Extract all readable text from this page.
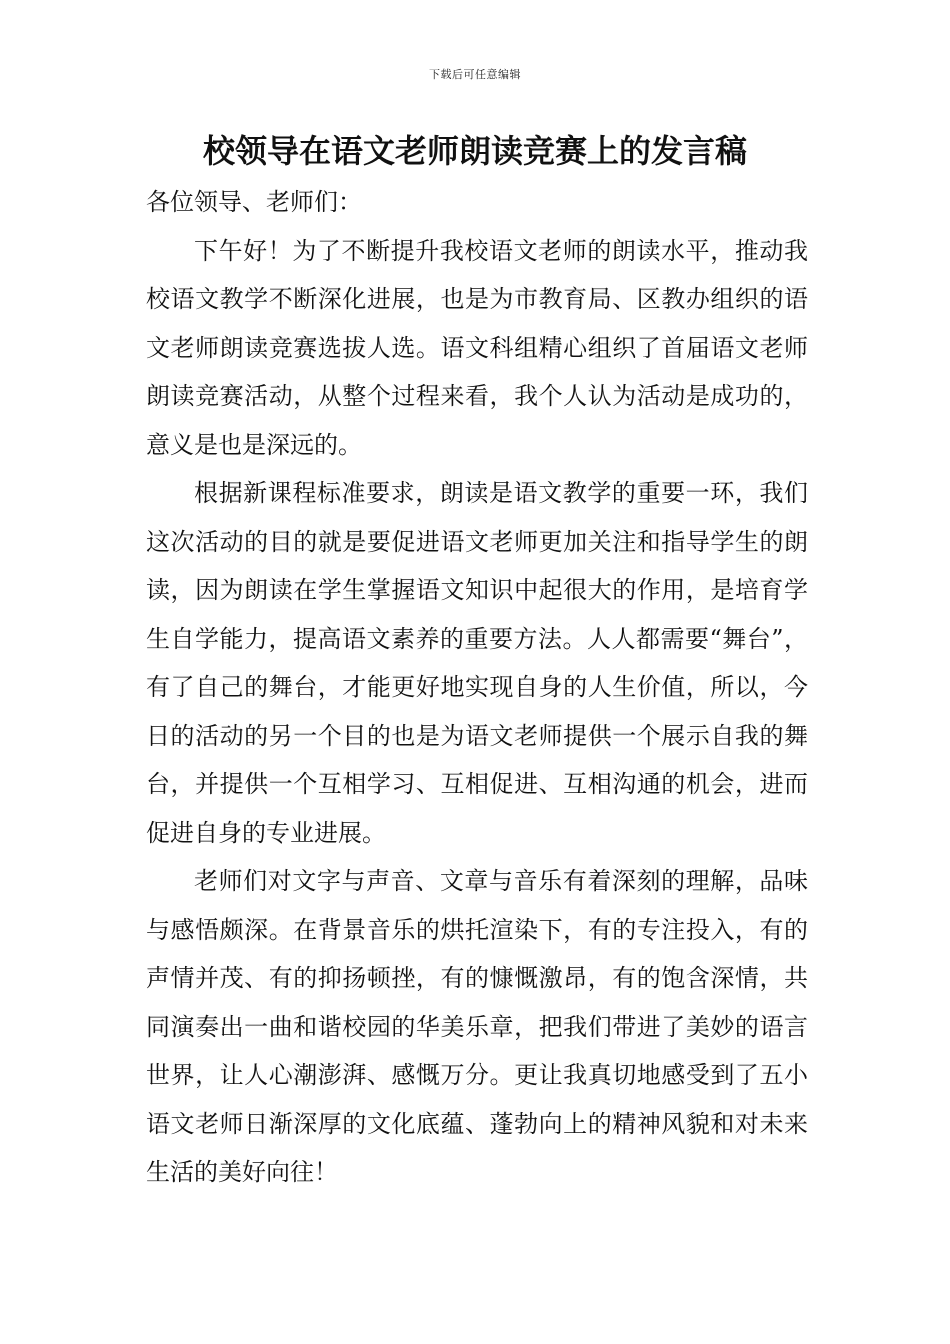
下载后可任意编辑
校领导在语文老师朗读竞赛上的发言稿

各位领导、老师们：

下午好！为了不断提升我校语文老师的朗读水平，推动我校语文教学不断深化进展，也是为市教育局、区教办组织的语文老师朗读竞赛选拔人选。语文科组精心组织了首届语文老师朗读竞赛活动，从整个过程来看，我个人认为活动是成功的，意义是也是深远的。

根据新课程标准要求，朗读是语文教学的重要一环，我们这次活动的目的就是要促进语文老师更加关注和指导学生的朗读，因为朗读在学生掌握语文知识中起很大的作用，是培育学生自学能力，提高语文素养的重要方法。人人都需要“舞台”，有了自己的舞台，才能更好地实现自身的人生价值，所以，今日的活动的另一个目的也是为语文老师提供一个展示自我的舞台，并提供一个互相学习、互相促进、互相沟通的机会，进而促进自身的专业进展。

老师们对文字与声音、文章与音乐有着深刻的理解，品味与感悟颇深。在背景音乐的烘托渲染下，有的专注投入，有的声情并茂、有的抑扬顿挫，有的慷慨激昂，有的饱含深情，共同演奏出一曲和谐校园的华美乐章，把我们带进了美妙的语言世界，让人心潮澎湃、感慨万分。更让我真切地感受到了五小语文老师日渐深厚的文化底蕴、蓬勃向上的精神风貌和对未来生活的美好向往！
